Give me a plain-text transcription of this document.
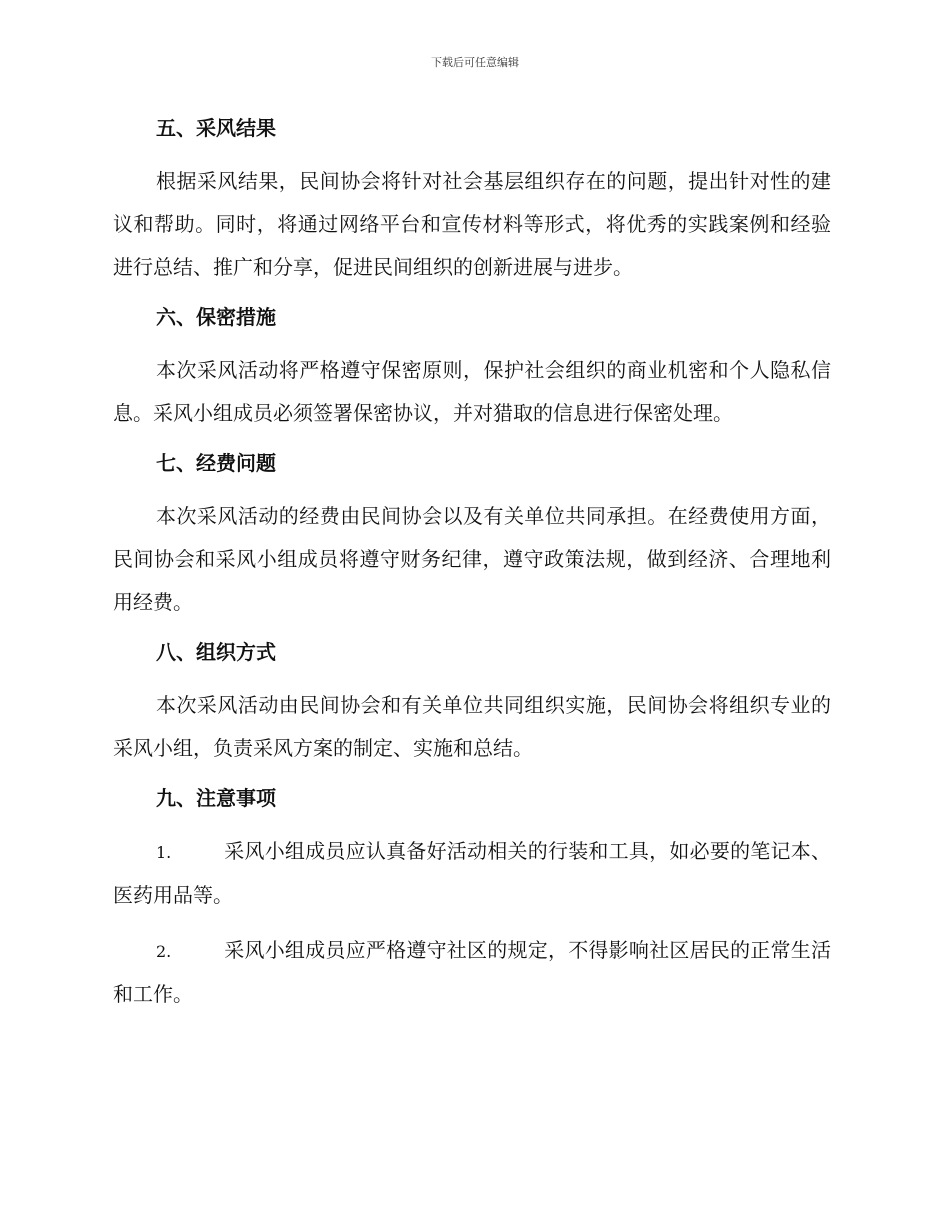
下载后可任意编辑
五、采风结果

根据采风结果，民间协会将针对社会基层组织存在的问题，提出针对性的建议和帮助。同时，将通过网络平台和宣传材料等形式，将优秀的实践案例和经验进行总结、推广和分享，促进民间组织的创新进展与进步。

六、保密措施

本次采风活动将严格遵守保密原则，保护社会组织的商业机密和个人隐私信息。采风小组成员必须签署保密协议，并对猎取的信息进行保密处理。

七、经费问题

本次采风活动的经费由民间协会以及有关单位共同承担。在经费使用方面，民间协会和采风小组成员将遵守财务纪律，遵守政策法规，做到经济、合理地利用经费。

八、组织方式

本次采风活动由民间协会和有关单位共同组织实施，民间协会将组织专业的采风小组，负责采风方案的制定、实施和总结。

九、注意事项

1.	采风小组成员应认真备好活动相关的行装和工具，如必要的笔记本、医药用品等。

2.	采风小组成员应严格遵守社区的规定，不得影响社区居民的正常生活和工作。
